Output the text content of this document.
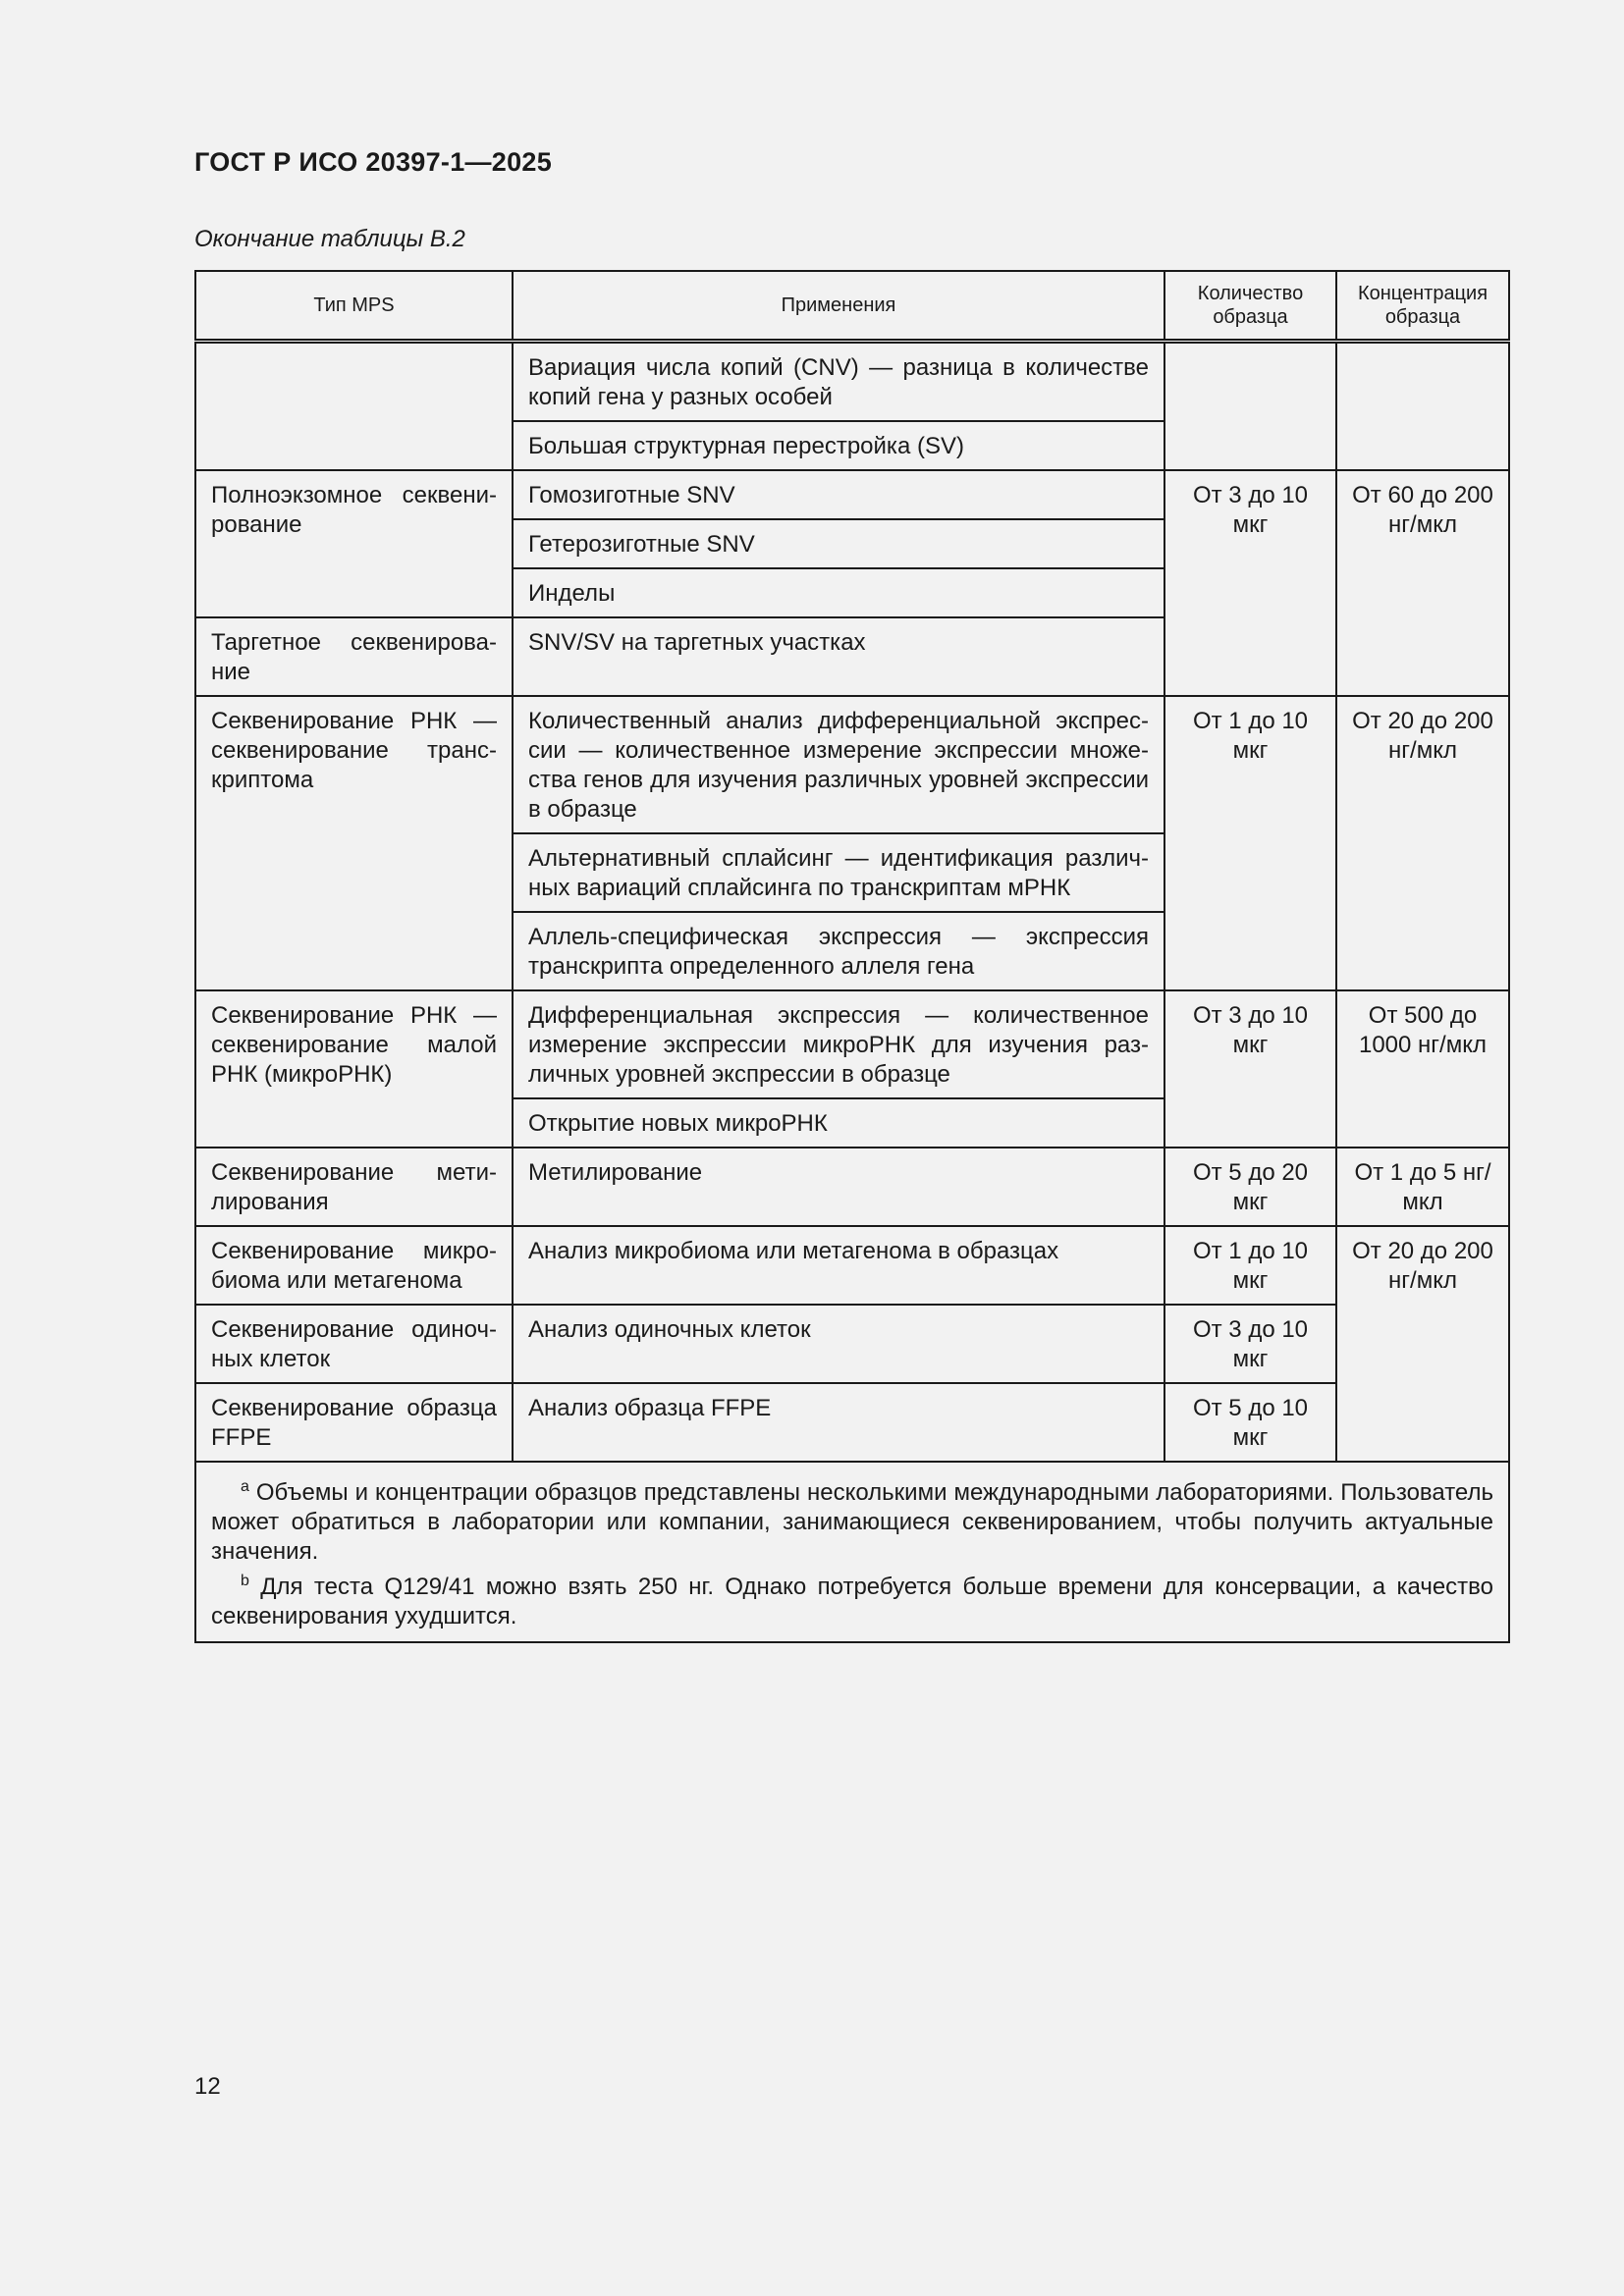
ГОСТ Р ИСО 20397-1—2025
Окончание таблицы В.2
Тип MPS	Применения	Количество образца	Концентрация образца
	Вариация числа копий (CNV) — разница в количестве копий гена у разных особей		
	Большая структурная перестройка (SV)		
Полноэкзомное секвенирование	Гомозиготные SNV	От 3 до 10 мкг	От 60 до 200 нг/мкл
	Гетерозиготные SNV		
	Инделы		
Таргетное секвенирование	SNV/SV на таргетных участках		
Секвенирование РНК — секвенирование транскриптома	Количественный анализ дифференциальной экспрессии — количественное измерение экспрессии множества генов для изучения различных уровней экспрессии в образце	От 1 до 10 мкг	От 20 до 200 нг/мкл
	Альтернативный сплайсинг — идентификация различных вариаций сплайсинга по транскриптам мРНК		
	Аллель-специфическая экспрессия — экспрессия транскрипта определенного аллеля гена		
Секвенирование РНК — секвенирование малой РНК (микроРНК)	Дифференциальная экспрессия — количественное измерение экспрессии микроРНК для изучения различных уровней экспрессии в образце	От 3 до 10 мкг	От 500 до 1000 нг/мкл
	Открытие новых микроРНК		
Секвенирование метилирования	Метилирование	От 5 до 20 мкг	От 1 до 5 нг/мкл
Секвенирование микробиома или метагенома	Анализ микробиома или метагенома в образцах	От 1 до 10 мкг	От 20 до 200 нг/мкл
Секвенирование одиночных клеток	Анализ одиночных клеток	От 3 до 10 мкг	
Секвенирование образца FFPE	Анализ образца FFPE	От 5 до 10 мкг	

$^a$ Объемы и концентрации образцов представлены несколькими международными лабораториями. Пользователь может обратиться в лаборатории или компании, занимающиеся секвенированием, чтобы получить актуальные значения.

$^b$ Для теста Q129/41 можно взять 250 нг. Однако потребуется больше времени для консервации, а качество секвенирования ухудшится.			

12
